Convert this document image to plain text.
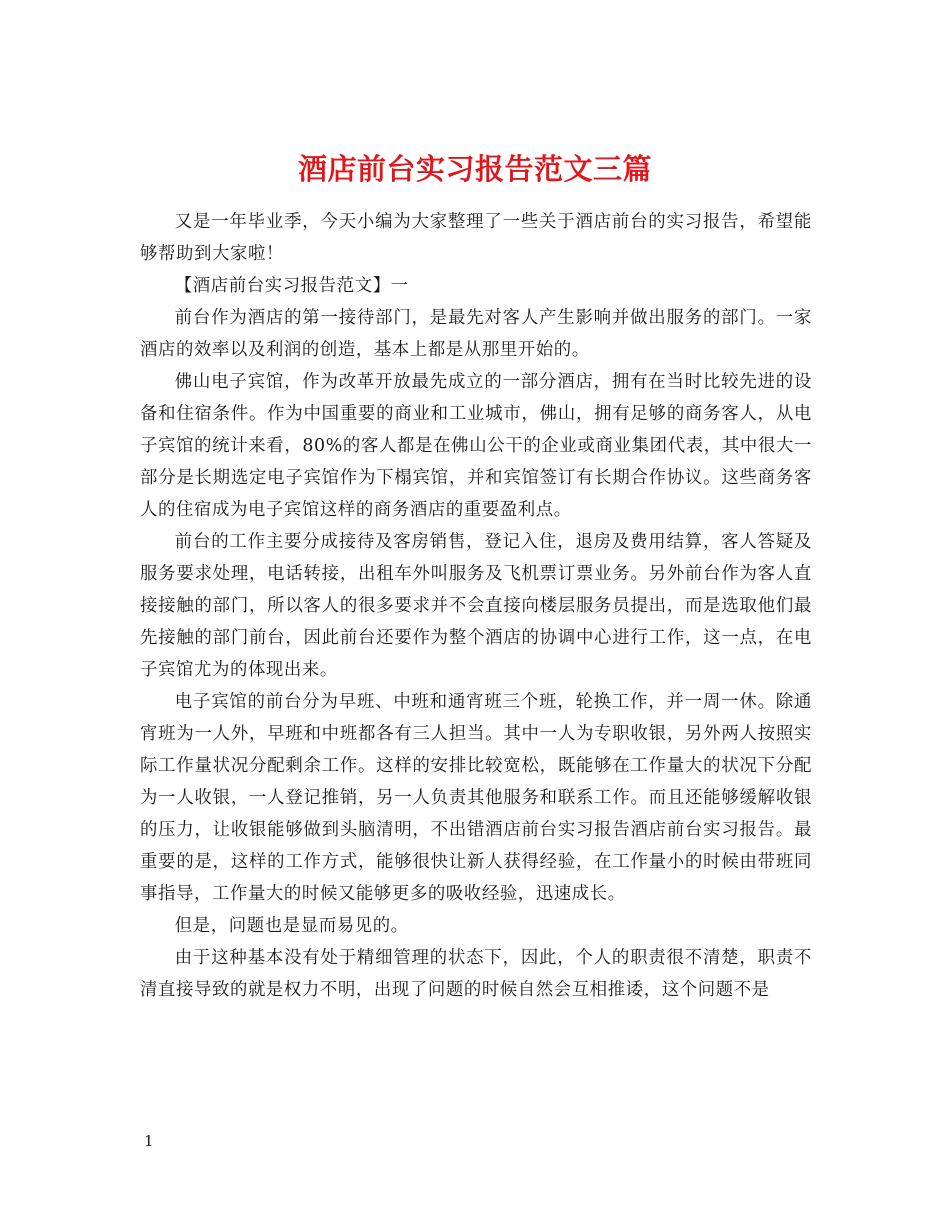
酒店前台实习报告范文三篇

又是一年毕业季，今天小编为大家整理了一些关于酒店前台的实习报告，希望能够帮助到大家啦！

【酒店前台实习报告范文】一

前台作为酒店的第一接待部门，是最先对客人产生影响并做出服务的部门。一家酒店的效率以及利润的创造，基本上都是从那里开始的。

佛山电子宾馆，作为改革开放最先成立的一部分酒店，拥有在当时比较先进的设备和住宿条件。作为中国重要的商业和工业城市，佛山，拥有足够的商务客人，从电子宾馆的统计来看，80%的客人都是在佛山公干的企业或商业集团代表，其中很大一部分是长期选定电子宾馆作为下榻宾馆，并和宾馆签订有长期合作协议。这些商务客人的住宿成为电子宾馆这样的商务酒店的重要盈利点。

前台的工作主要分成接待及客房销售，登记入住，退房及费用结算，客人答疑及服务要求处理，电话转接，出租车外叫服务及飞机票订票业务。另外前台作为客人直接接触的部门，所以客人的很多要求并不会直接向楼层服务员提出，而是选取他们最先接触的部门前台，因此前台还要作为整个酒店的协调中心进行工作，这一点，在电子宾馆尤为的体现出来。

电子宾馆的前台分为早班、中班和通宵班三个班，轮换工作，并一周一休。除通宵班为一人外，早班和中班都各有三人担当。其中一人为专职收银，另外两人按照实际工作量状况分配剩余工作。这样的安排比较宽松，既能够在工作量大的状况下分配为一人收银，一人登记推销，另一人负责其他服务和联系工作。而且还能够缓解收银的压力，让收银能够做到头脑清明，不出错酒店前台实习报告酒店前台实习报告。最重要的是，这样的工作方式，能够很快让新人获得经验，在工作量小的时候由带班同事指导，工作量大的时候又能够更多的吸收经验，迅速成长。

但是，问题也是显而易见的。

由于这种基本没有处于精细管理的状态下，因此，个人的职责很不清楚，职责不清直接导致的就是权力不明，出现了问题的时候自然会互相推诿，这个问题不是

1
